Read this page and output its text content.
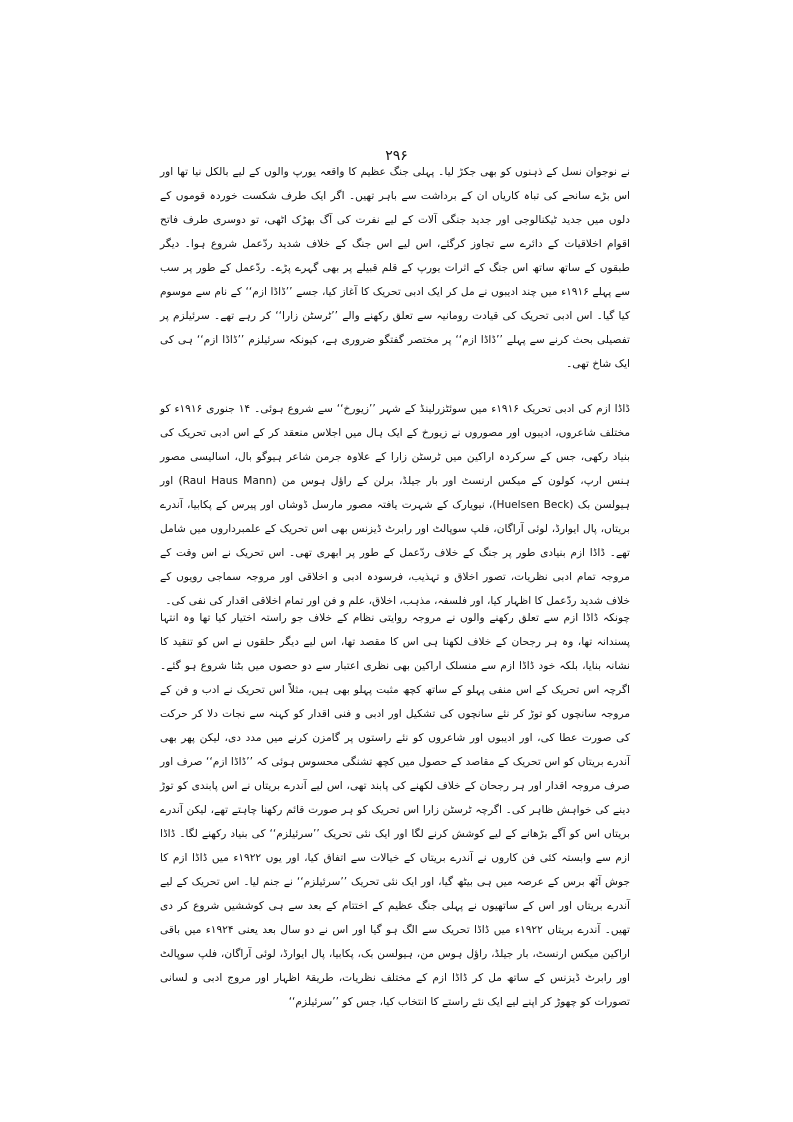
۲۹۶

نے نوجوان نسل کے ذہنوں کو بھی جکڑ لیا۔ پہلی جنگ عظیم کا واقعہ یورپ والوں کے لیے بالکل نیا تھا اور اس بڑے سانحے کی تباہ کاریاں ان کے برداشت سے باہر تھیں۔ اگر ایک طرف شکست خوردہ قوموں کے دلوں میں جدید ٹیکنالوجی اور جدید جنگی آلات کے لیے نفرت کی آگ بھڑک اٹھی، تو دوسری طرف فاتح اقوام اخلاقیات کے دائرے سے تجاوز کرگئے، اس لیے اس جنگ کے خلاف شدید ردّعمل شروع ہوا۔ دیگر طبقوں کے ساتھ ساتھ اس جنگ کے اثرات یورپ کے قلم قبیلے پر بھی گہرے پڑے۔ ردّعمل کے طور پر سب سے پہلے ۱۹۱۶ء میں چند ادیبوں نے مل کر ایک ادبی تحریک کا آغاز کیا، جسے ’’ڈاڈا ازم‘‘ کے نام سے موسوم کیا گیا۔ اس ادبی تحریک کی قیادت رومانیہ سے تعلق رکھنے والے ’’ٹرسٹن زارا‘‘ کر رہے تھے۔ سرئیلزم پر تفصیلی بحث کرنے سے پہلے ’’ڈاڈا ازم‘‘ پر مختصر گفتگو ضروری ہے، کیونکہ سرئیلزم ’’ڈاڈا ازم‘‘ ہی کی ایک شاخ تھی۔

ڈاڈا ازم کی ادبی تحریک ۱۹۱۶ء میں سوئٹزرلینڈ کے شہر ’’زیورخ‘‘ سے شروع ہوئی۔ ۱۴ جنوری ۱۹۱۶ء کو مختلف شاعروں، ادیبوں اور مصوروں نے زیورخ کے ایک ہال میں اجلاس منعقد کر کے اس ادبی تحریک کی بنیاد رکھی، جس کے سرکردہ اراکین میں ٹرسٹن زارا کے علاوہ جرمن شاعر ہیوگو بال، اسالیسی مصور ہنس ارپ، کولون کے میکس ارنسٹ اور بار جیلڈ، برلن کے راؤل ہوس من (Raul Haus Mann) اور ہیولسن بک (Huelsen Beck)، نیویارک کے شہرت یافتہ مصور مارسل ڈوشاں اور پیرس کے پکابیا، آندرے بریتاں، پال ایوارڈ، لوئی آراگان، فلپ سوپالٹ اور رابرٹ ڈیزنس بھی اس تحریک کے علمبرداروں میں شامل تھے۔ ڈاڈا ازم بنیادی طور پر جنگ کے خلاف ردّعمل کے طور پر ابھری تھی۔ اس تحریک نے اس وقت کے مروجہ تمام ادبی نظریات، تصور اخلاق و تہذیب، فرسودہ ادبی و اخلاقی اور مروجہ سماجی رویوں کے خلاف شدید ردّعمل کا اظہار کیا، اور فلسفہ، مذہب، اخلاق، علم و فن اور تمام اخلاقی اقدار کی نفی کی۔

چونکہ ڈاڈا ازم سے تعلق رکھنے والوں نے مروجہ روایتی نظام کے خلاف جو راستہ اختیار کیا تھا وہ انتہا پسندانہ تھا، وہ ہر رجحان کے خلاف لکھنا ہی اس کا مقصد تھا، اس لیے دیگر حلقوں نے اس کو تنقید کا نشانہ بنایا، بلکہ خود ڈاڈا ازم سے منسلک اراکین بھی نظری اعتبار سے دو حصوں میں بٹنا شروع ہو گئے۔ اگرچہ اس تحریک کے اس منفی پہلو کے ساتھ کچھ مثبت پہلو بھی ہیں، مثلاً اس تحریک نے ادب و فن کے مروجہ سانچوں کو توڑ کر نئے سانچوں کی تشکیل اور ادبی و فنی اقدار کو کہنہ سے نجات دلا کر حرکت کی صورت عطا کی، اور ادیبوں اور شاعروں کو نئے راستوں پر گامزن کرنے میں مدد دی، لیکن پھر بھی آندرے بریتاں کو اس تحریک کے مقاصد کے حصول میں کچھ تشنگی محسوس ہوئی کہ ’’ڈاڈا ازم‘‘ صرف اور صرف مروجہ اقدار اور ہر رجحان کے خلاف لکھنے کی پابند تھی، اس لیے آندرے بریتاں نے اس پابندی کو توڑ دینے کی خواہش ظاہر کی۔ اگرچہ ٹرسٹن زارا اس تحریک کو ہر صورت قائم رکھنا چاہتے تھے، لیکن آندرے بریتاں اس کو آگے بڑھانے کے لیے کوشش کرنے لگا اور ایک نئی تحریک ’’سرئیلزم‘‘ کی بنیاد رکھنے لگا۔ ڈاڈا ازم سے وابستہ کئی فن کاروں نے آندرے بریتاں کے خیالات سے اتفاق کیا، اور یوں ۱۹۲۲ء میں ڈاڈا ازم کا جوش آٹھ برس کے عرصہ میں ہی بیٹھ گیا، اور ایک نئی تحریک ’’سرئیلزم‘‘ نے جنم لیا۔ اس تحریک کے لیے آندرے بریتاں اور اس کے ساتھیوں نے پہلی جنگ عظیم کے اختتام کے بعد سے ہی کوششیں شروع کر دی تھیں۔ آندرے بریتاں ۱۹۲۲ء میں ڈاڈا تحریک سے الگ ہو گیا اور اس نے دو سال بعد یعنی ۱۹۲۴ء میں باقی اراکین میکس ارنسٹ، بار جیلڈ، راؤل ہوس من، ہیولسن بک، پکابیا، پال ایوارڈ، لوئی آراگان، فلپ سوپالٹ اور رابرٹ ڈیزنس کے ساتھ مل کر ڈاڈا ازم کے مختلف نظریات، طریقۂ اظہار اور مروج ادبی و لسانی تصورات کو چھوڑ کر اپنے لیے ایک نئے راستے کا انتخاب کیا، جس کو ’’سرئیلزم‘‘
